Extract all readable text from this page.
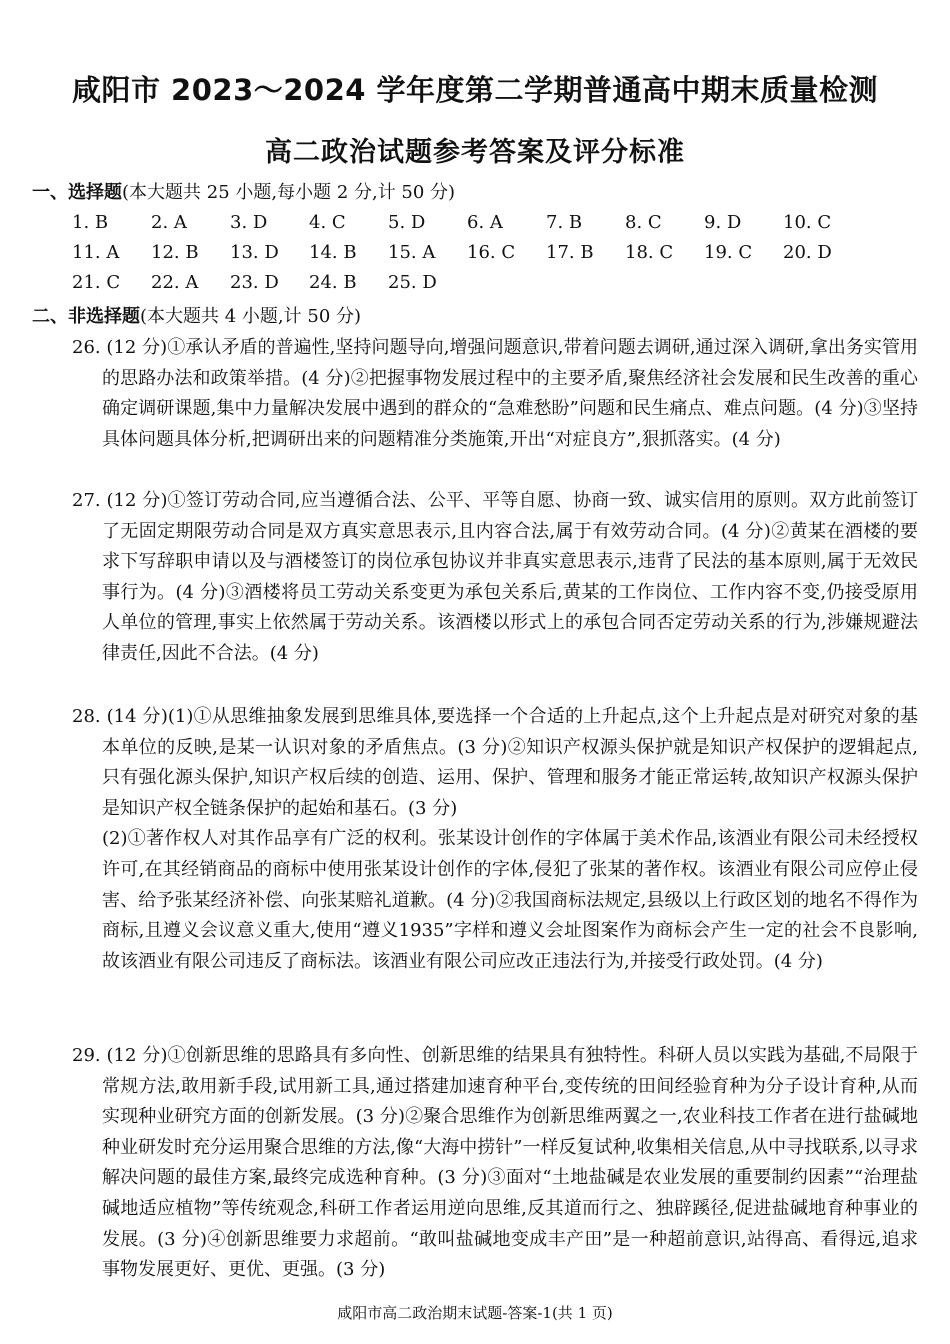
咸阳市 2023～2024 学年度第二学期普通高中期末质量检测
高二政治试题参考答案及评分标准
一、选择题(本大题共 25 小题,每小题 2 分,计 50 分)
1. B	2. A	3. D	4. C	5. D	6. A	7. B	8. C	9. D	10. C
11. A	12. B	13. D	14. B	15. A	16. C	17. B	18. C	19. C	20. D
21. C	22. A	23. D	24. B	25. D
二、非选择题(本大题共 4 小题,计 50 分)
26. (12 分)①承认矛盾的普遍性,坚持问题导向,增强问题意识,带着问题去调研,通过深入调研,拿出务实管用的思路办法和政策举措。(4 分)②把握事物发展过程中的主要矛盾,聚焦经济社会发展和民生改善的重心确定调研课题,集中力量解决发展中遇到的群众的“急难愁盼”问题和民生痛点、难点问题。(4 分)③坚持具体问题具体分析,把调研出来的问题精准分类施策,开出“对症良方”,狠抓落实。(4 分)
27. (12 分)①签订劳动合同,应当遵循合法、公平、平等自愿、协商一致、诚实信用的原则。双方此前签订了无固定期限劳动合同是双方真实意思表示,且内容合法,属于有效劳动合同。(4 分)②黄某在酒楼的要求下写辞职申请以及与酒楼签订的岗位承包协议并非真实意思表示,违背了民法的基本原则,属于无效民事行为。(4 分)③酒楼将员工劳动关系变更为承包关系后,黄某的工作岗位、工作内容不变,仍接受原用人单位的管理,事实上依然属于劳动关系。该酒楼以形式上的承包合同否定劳动关系的行为,涉嫌规避法律责任,因此不合法。(4 分)
28. (14 分)(1)①从思维抽象发展到思维具体,要选择一个合适的上升起点,这个上升起点是对研究对象的基本单位的反映,是某一认识对象的矛盾焦点。(3 分)②知识产权源头保护就是知识产权保护的逻辑起点,只有强化源头保护,知识产权后续的创造、运用、保护、管理和服务才能正常运转,故知识产权源头保护是知识产权全链条保护的起始和基石。(3 分)
(2)①著作权人对其作品享有广泛的权利。张某设计创作的字体属于美术作品,该酒业有限公司未经授权许可,在其经销商品的商标中使用张某设计创作的字体,侵犯了张某的著作权。该酒业有限公司应停止侵害、给予张某经济补偿、向张某赔礼道歉。(4 分)②我国商标法规定,县级以上行政区划的地名不得作为商标,且遵义会议意义重大,使用“遵义1935”字样和遵义会址图案作为商标会产生一定的社会不良影响,故该酒业有限公司违反了商标法。该酒业有限公司应改正违法行为,并接受行政处罚。(4 分)
29. (12 分)①创新思维的思路具有多向性、创新思维的结果具有独特性。科研人员以实践为基础,不局限于常规方法,敢用新手段,试用新工具,通过搭建加速育种平台,变传统的田间经验育种为分子设计育种,从而实现种业研究方面的创新发展。(3 分)②聚合思维作为创新思维两翼之一,农业科技工作者在进行盐碱地种业研发时充分运用聚合思维的方法,像“大海中捞针”一样反复试种,收集相关信息,从中寻找联系,以寻求解决问题的最佳方案,最终完成选种育种。(3 分)③面对“土地盐碱是农业发展的重要制约因素”“治理盐碱地适应植物”等传统观念,科研工作者运用逆向思维,反其道而行之、独辟蹊径,促进盐碱地育种事业的发展。(3 分)④创新思维要力求超前。“敢叫盐碱地变成丰产田”是一种超前意识,站得高、看得远,追求事物发展更好、更优、更强。(3 分)
咸阳市高二政治期末试题-答案-1(共 1 页)
